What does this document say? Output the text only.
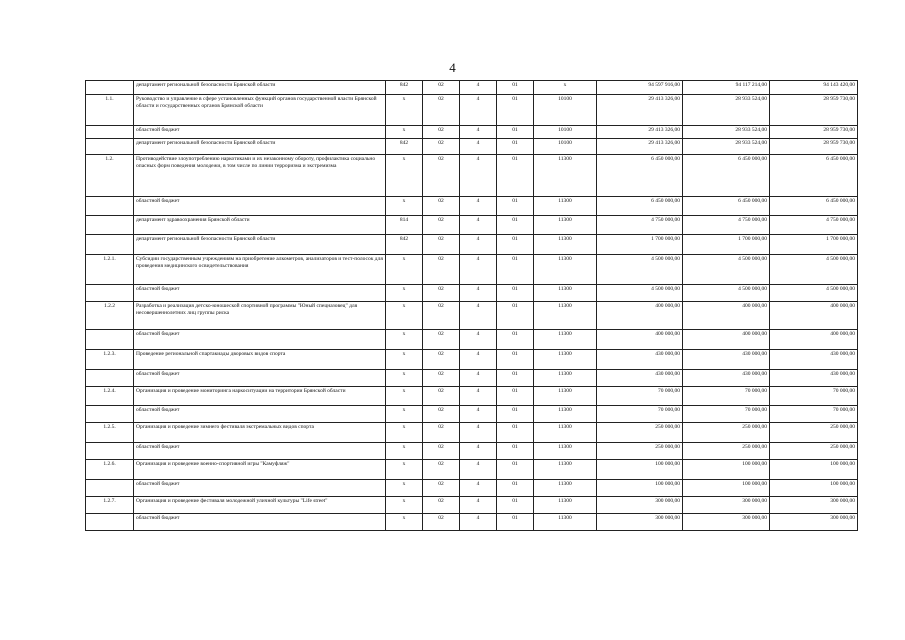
4
	департамент региональной безопасности Брянской области	842	02	4	01	x	94 597 916,00	94 117 214,00	94 143 420,00
1.1.	Руководство и управление в сфере установленных функций органов государственной власти Брянской области и государственных органов Брянской области	x	02	4	01	10100	29 413 326,00	28 933 524,00	28 959 730,00
	областной бюджет	x	02	4	01	10100	29 413 326,00	28 933 524,00	28 959 730,00
	департамент региональной безопасности Брянской области	842	02	4	01	10100	29 413 326,00	28 933 524,00	28 959 730,00
1.2.	Противодействие злоупотреблению наркотиками и их незаконному обороту, профилактика социально опасных форм поведения молодежи, в том числе по линии терроризма и экстремизма	x	02	4	01	11300	6 450 000,00	6 450 000,00	6 450 000,00
	областной бюджет	x	02	4	01	11300	6 450 000,00	6 450 000,00	6 450 000,00
	департамент здравоохранения Брянской области	814	02	4	01	11300	4 750 000,00	4 750 000,00	4 750 000,00
	департамент региональной безопасности Брянской области	842	02	4	01	11300	1 700 000,00	1 700 000,00	1 700 000,00
1.2.1.	Субсидии государственным учреждениям на приобретение алкометров, анализаторов и тест-полосок для проведения медицинского освидетельствования	x	02	4	01	11300	4 500 000,00	4 500 000,00	4 500 000,00
	областной бюджет	x	02	4	01	11300	4 500 000,00	4 500 000,00	4 500 000,00
1.2.2	Разработка и реализация детско-юношеской спортивной программы "Юный спецназовец" для несовершеннолетних лиц группы риска	x	02	4	01	11300	400 000,00	400 000,00	400 000,00
	областной бюджет	x	02	4	01	11300	400 000,00	400 000,00	400 000,00
1.2.3.	Проведение региональной спартакиады дворовых видов спорта	x	02	4	01	11300	430 000,00	430 000,00	430 000,00
	областной бюджет	x	02	4	01	11300	430 000,00	430 000,00	430 000,00
1.2.4.	Организация и проведение мониторинга наркоситуации на территории Брянской области	x	02	4	01	11300	70 000,00	70 000,00	70 000,00
	областной бюджет	x	02	4	01	11300	70 000,00	70 000,00	70 000,00
1.2.5.	Организация и проведение зимнего фестиваля экстремальных видов спорта	x	02	4	01	11300	250 000,00	250 000,00	250 000,00
	областной бюджет	x	02	4	01	11300	250 000,00	250 000,00	250 000,00
1.2.6.	Организация и проведение военно-спортивной игры "Камуфляж"	x	02	4	01	11300	100 000,00	100 000,00	100 000,00
	областной бюджет	x	02	4	01	11300	100 000,00	100 000,00	100 000,00
1.2.7.	Организация и проведение фестиваля молодежной уличной культуры "Life street"	x	02	4	01	11300	300 000,00	300 000,00	300 000,00
	областной бюджет	x	02	4	01	11300	300 000,00	300 000,00	300 000,00
